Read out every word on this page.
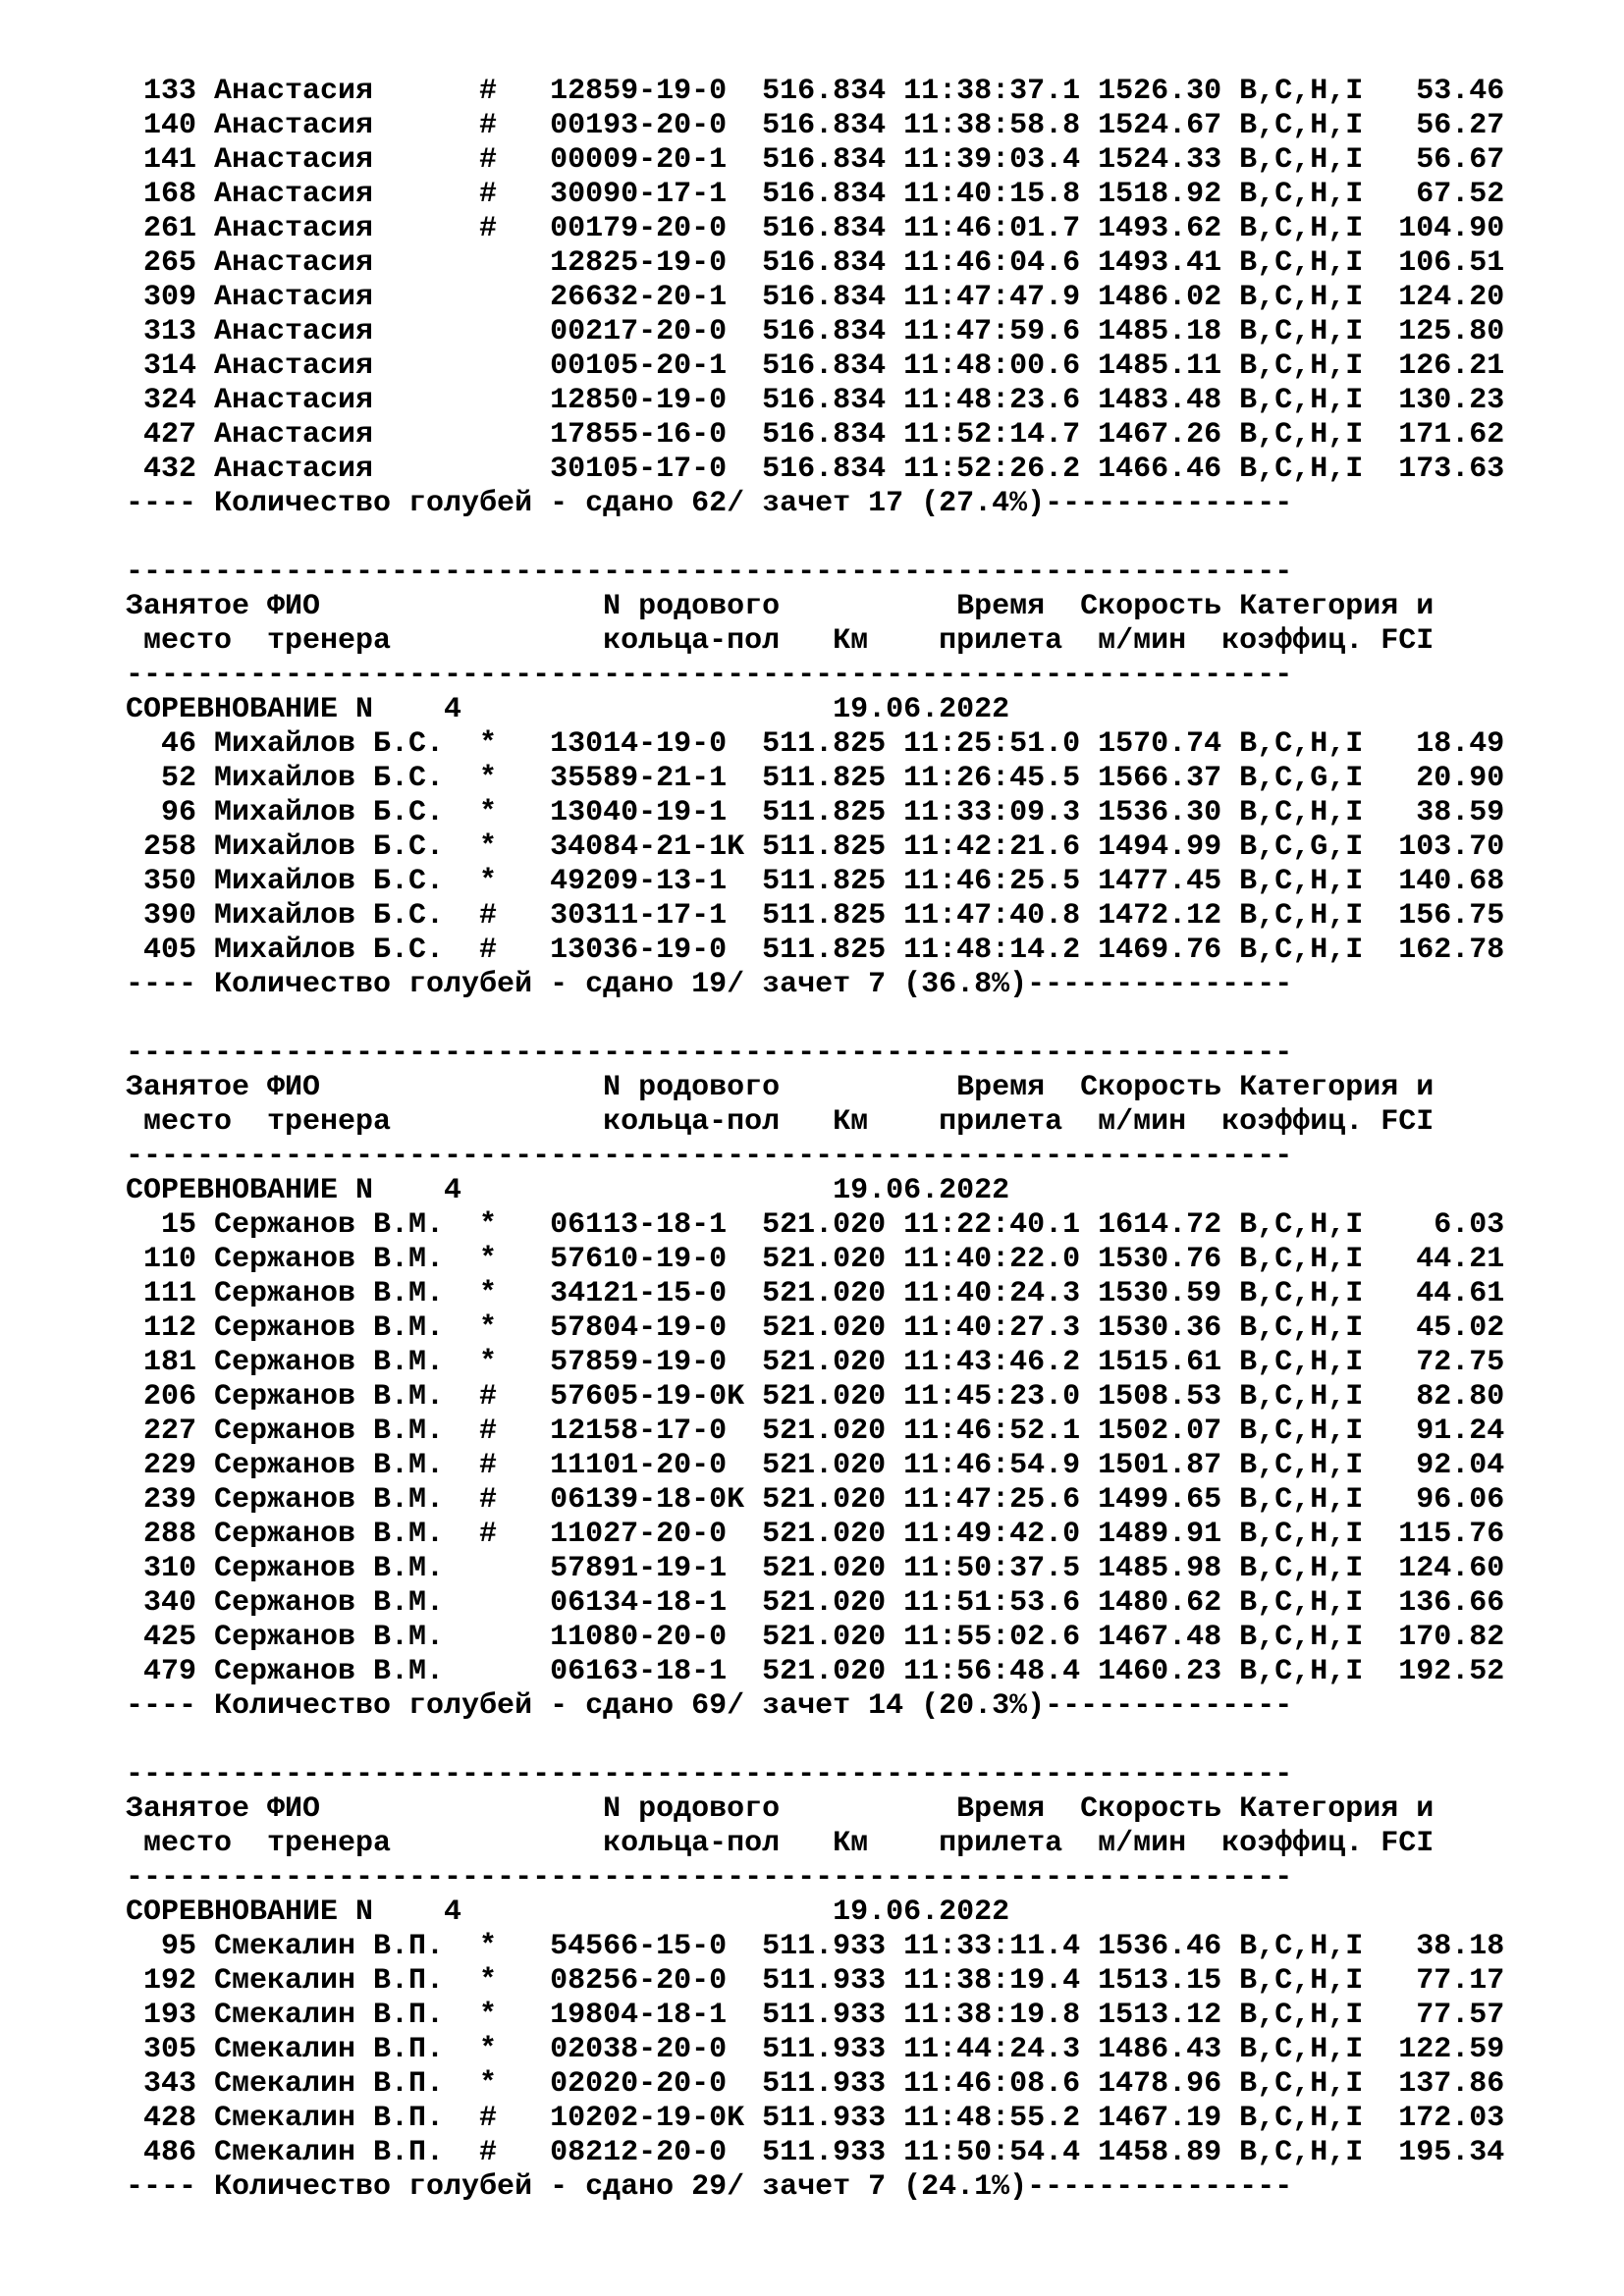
133 Анастасия      #   12859-19-0  516.834 11:38:37.1 1526.30 B,C,H,I   53.46
140 Анастасия      #   00193-20-0  516.834 11:38:58.8 1524.67 B,C,H,I   56.27
141 Анастасия      #   00009-20-1  516.834 11:39:03.4 1524.33 B,C,H,I   56.67
168 Анастасия      #   30090-17-1  516.834 11:40:15.8 1518.92 B,C,H,I   67.52
261 Анастасия      #   00179-20-0  516.834 11:46:01.7 1493.62 B,C,H,I  104.90
265 Анастасия          12825-19-0  516.834 11:46:04.6 1493.41 B,C,H,I  106.51
309 Анастасия          26632-20-1  516.834 11:47:47.9 1486.02 B,C,H,I  124.20
313 Анастасия          00217-20-0  516.834 11:47:59.6 1485.18 B,C,H,I  125.80
314 Анастасия          00105-20-1  516.834 11:48:00.6 1485.11 B,C,H,I  126.21
324 Анастасия          12850-19-0  516.834 11:48:23.6 1483.48 B,C,H,I  130.23
427 Анастасия          17855-16-0  516.834 11:52:14.7 1467.26 B,C,H,I  171.62
432 Анастасия          30105-17-0  516.834 11:52:26.2 1466.46 B,C,H,I  173.63
---- Количество голубей - сдано 62/ зачет 17 (27.4%)--------------
------------------------------------------------------------------
Занятое ФИО                N родового          Время  Скорость Категория и
место  тренера            кольца-пол   Км    прилета  м/мин  коэффиц. FCI
------------------------------------------------------------------
СОРЕВНОВАНИЕ N    4                     19.06.2022
46 Михайлов Б.С.  *   13014-19-0  511.825 11:25:51.0 1570.74 B,C,H,I   18.49
52 Михайлов Б.С.  *   35589-21-1  511.825 11:26:45.5 1566.37 B,C,G,I   20.90
96 Михайлов Б.С.  *   13040-19-1  511.825 11:33:09.3 1536.30 B,C,H,I   38.59
258 Михайлов Б.С.  *   34084-21-1K 511.825 11:42:21.6 1494.99 B,C,G,I  103.70
350 Михайлов Б.С.  *   49209-13-1  511.825 11:46:25.5 1477.45 B,C,H,I  140.68
390 Михайлов Б.С.  #   30311-17-1  511.825 11:47:40.8 1472.12 B,C,H,I  156.75
405 Михайлов Б.С.  #   13036-19-0  511.825 11:48:14.2 1469.76 B,C,H,I  162.78
---- Количество голубей - сдано 19/ зачет 7 (36.8%)---------------
------------------------------------------------------------------
Занятое ФИО                N родового          Время  Скорость Категория и
место  тренера            кольца-пол   Км    прилета  м/мин  коэффиц. FCI
------------------------------------------------------------------
СОРЕВНОВАНИЕ N    4                     19.06.2022
15 Сержанов В.М.  *   06113-18-1  521.020 11:22:40.1 1614.72 B,C,H,I    6.03
110 Сержанов В.М.  *   57610-19-0  521.020 11:40:22.0 1530.76 B,C,H,I   44.21
111 Сержанов В.М.  *   34121-15-0  521.020 11:40:24.3 1530.59 B,C,H,I   44.61
112 Сержанов В.М.  *   57804-19-0  521.020 11:40:27.3 1530.36 B,C,H,I   45.02
181 Сержанов В.М.  *   57859-19-0  521.020 11:43:46.2 1515.61 B,C,H,I   72.75
206 Сержанов В.М.  #   57605-19-0K 521.020 11:45:23.0 1508.53 B,C,H,I   82.80
227 Сержанов В.М.  #   12158-17-0  521.020 11:46:52.1 1502.07 B,C,H,I   91.24
229 Сержанов В.М.  #   11101-20-0  521.020 11:46:54.9 1501.87 B,C,H,I   92.04
239 Сержанов В.М.  #   06139-18-0K 521.020 11:47:25.6 1499.65 B,C,H,I   96.06
288 Сержанов В.М.  #   11027-20-0  521.020 11:49:42.0 1489.91 B,C,H,I  115.76
310 Сержанов В.М.      57891-19-1  521.020 11:50:37.5 1485.98 B,C,H,I  124.60
340 Сержанов В.М.      06134-18-1  521.020 11:51:53.6 1480.62 B,C,H,I  136.66
425 Сержанов В.М.      11080-20-0  521.020 11:55:02.6 1467.48 B,C,H,I  170.82
479 Сержанов В.М.      06163-18-1  521.020 11:56:48.4 1460.23 B,C,H,I  192.52
---- Количество голубей - сдано 69/ зачет 14 (20.3%)--------------
------------------------------------------------------------------
Занятое ФИО                N родового          Время  Скорость Категория и
место  тренера            кольца-пол   Км    прилета  м/мин  коэффиц. FCI
------------------------------------------------------------------
СОРЕВНОВАНИЕ N    4                     19.06.2022
95 Смекалин В.П.  *   54566-15-0  511.933 11:33:11.4 1536.46 B,C,H,I   38.18
192 Смекалин В.П.  *   08256-20-0  511.933 11:38:19.4 1513.15 B,C,H,I   77.17
193 Смекалин В.П.  *   19804-18-1  511.933 11:38:19.8 1513.12 B,C,H,I   77.57
305 Смекалин В.П.  *   02038-20-0  511.933 11:44:24.3 1486.43 B,C,H,I  122.59
343 Смекалин В.П.  *   02020-20-0  511.933 11:46:08.6 1478.96 B,C,H,I  137.86
428 Смекалин В.П.  #   10202-19-0K 511.933 11:48:55.2 1467.19 B,C,H,I  172.03
486 Смекалин В.П.  #   08212-20-0  511.933 11:50:54.4 1458.89 B,C,H,I  195.34
---- Количество голубей - сдано 29/ зачет 7 (24.1%)---------------
